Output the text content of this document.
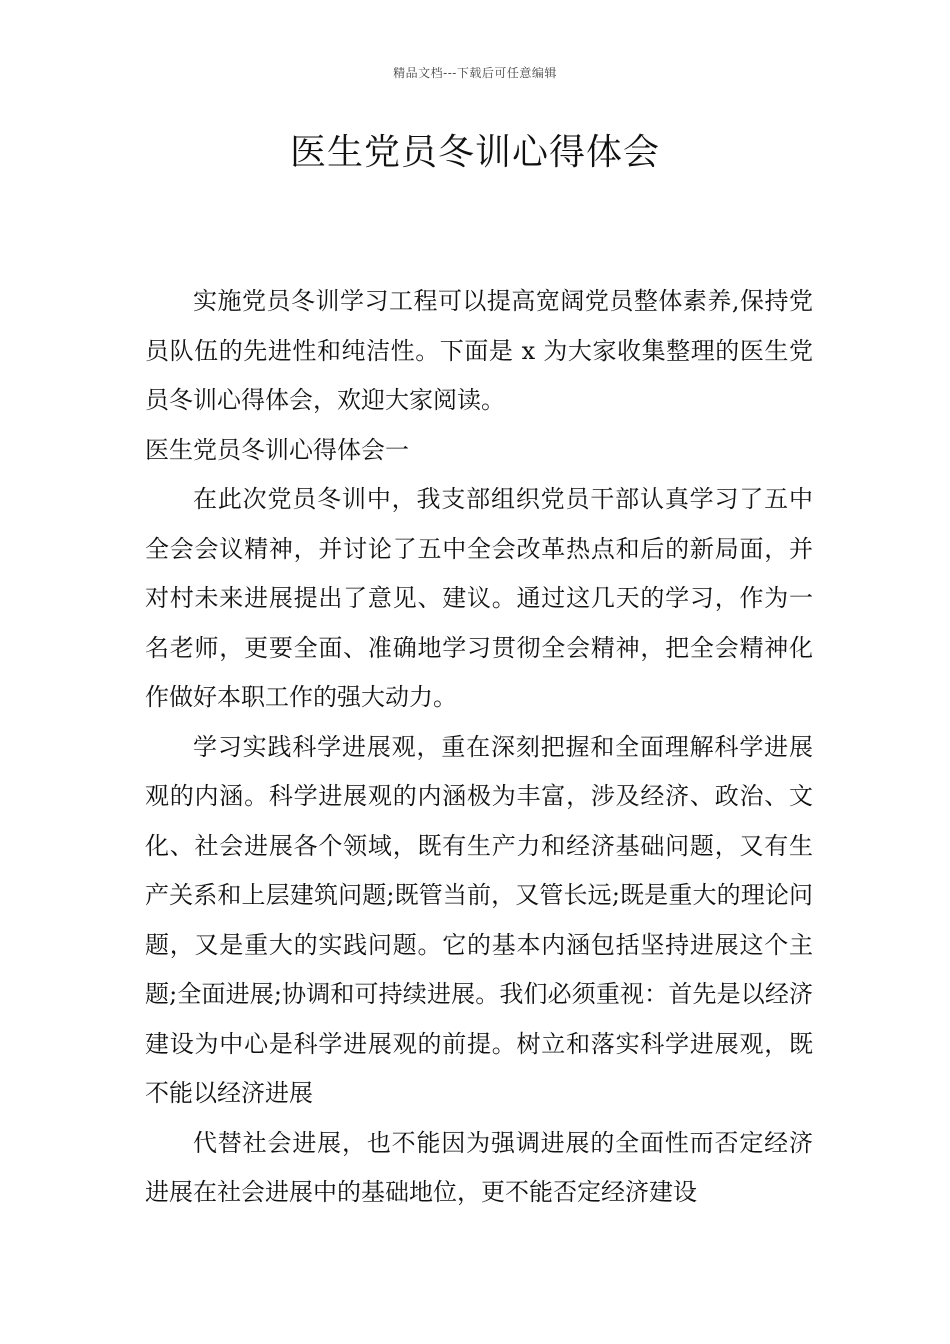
精品文档---下载后可任意编辑
医生党员冬训心得体会

实施党员冬训学习工程可以提高宽阔党员整体素养,保持党员队伍的先进性和纯洁性。下面是 x 为大家收集整理的医生党员冬训心得体会，欢迎大家阅读。

医生党员冬训心得体会一

在此次党员冬训中，我支部组织党员干部认真学习了五中全会会议精神，并讨论了五中全会改革热点和后的新局面，并对村未来进展提出了意见、建议。通过这几天的学习，作为一名老师，更要全面、准确地学习贯彻全会精神，把全会精神化作做好本职工作的强大动力。

学习实践科学进展观，重在深刻把握和全面理解科学进展观的内涵。科学进展观的内涵极为丰富，涉及经济、政治、文化、社会进展各个领域，既有生产力和经济基础问题，又有生产关系和上层建筑问题;既管当前，又管长远;既是重大的理论问题，又是重大的实践问题。它的基本内涵包括坚持进展这个主题;全面进展;协调和可持续进展。我们必须重视：首先是以经济建设为中心是科学进展观的前提。树立和落实科学进展观，既不能以经济进展

代替社会进展，也不能因为强调进展的全面性而否定经济进展在社会进展中的基础地位，更不能否定经济建设
